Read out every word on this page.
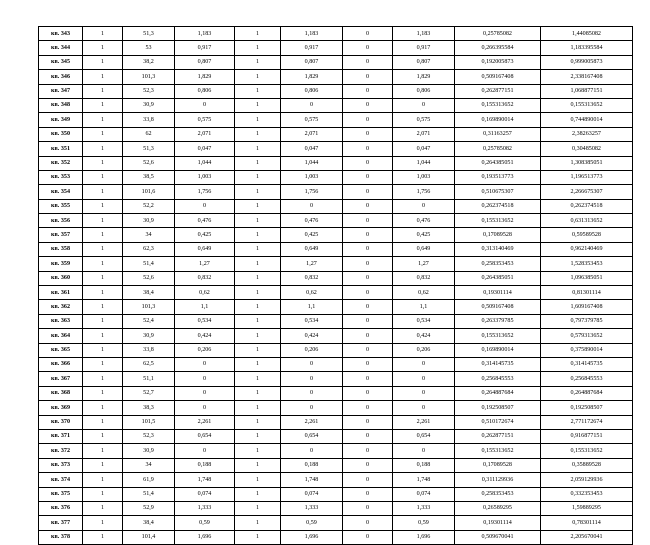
кв. 343	1	51,3	1,183	1	1,183	0	1,183	0,25785082	1,44085082
кв. 344	1	53	0,917	1	0,917	0	0,917	0,266395584	1,183395584
кв. 345	1	38,2	0,807	1	0,807	0	0,807	0,192005873	0,999005873
кв. 346	1	101,3	1,829	1	1,829	0	1,829	0,509167408	2,338167408
кв. 347	1	52,3	0,806	1	0,806	0	0,806	0,262877151	1,068877151
кв. 348	1	30,9	0	1	0	0	0	0,155313652	0,155313652
кв. 349	1	33,8	0,575	1	0,575	0	0,575	0,169890014	0,744890014
кв. 350	1	62	2,071	1	2,071	0	2,071	0,31163257	2,38263257
кв. 351	1	51,3	0,047	1	0,047	0	0,047	0,25785082	0,30485082
кв. 352	1	52,6	1,044	1	1,044	0	1,044	0,264385051	1,308385051
кв. 353	1	38,5	1,003	1	1,003	0	1,003	0,193513773	1,196513773
кв. 354	1	101,6	1,756	1	1,756	0	1,756	0,510675307	2,266675307
кв. 355	1	52,2	0	1	0	0	0	0,262374518	0,262374518
кв. 356	1	30,9	0,476	1	0,476	0	0,476	0,155313652	0,631313652
кв. 357	1	34	0,425	1	0,425	0	0,425	0,17089528	0,59589528
кв. 358	1	62,3	0,649	1	0,649	0	0,649	0,313140469	0,962140469
кв. 359	1	51,4	1,27	1	1,27	0	1,27	0,258353453	1,528353453
кв. 360	1	52,6	0,832	1	0,832	0	0,832	0,264385051	1,096385051
кв. 361	1	38,4	0,62	1	0,62	0	0,62	0,19301114	0,81301114
кв. 362	1	101,3	1,1	1	1,1	0	1,1	0,509167408	1,609167408
кв. 363	1	52,4	0,534	1	0,534	0	0,534	0,263379785	0,797379785
кв. 364	1	30,9	0,424	1	0,424	0	0,424	0,155313652	0,579313652
кв. 365	1	33,8	0,206	1	0,206	0	0,206	0,169890014	0,375890014
кв. 366	1	62,5	0	1	0	0	0	0,314145735	0,314145735
кв. 367	1	51,1	0	1	0	0	0	0,256845553	0,256845553
кв. 368	1	52,7	0	1	0	0	0	0,264887684	0,264887684
кв. 369	1	38,3	0	1	0	0	0	0,192508507	0,192508507
кв. 370	1	101,5	2,261	1	2,261	0	2,261	0,510172674	2,771172674
кв. 371	1	52,3	0,654	1	0,654	0	0,654	0,262877151	0,916877151
кв. 372	1	30,9	0	1	0	0	0	0,155313652	0,155313652
кв. 373	1	34	0,188	1	0,188	0	0,188	0,17089528	0,35889528
кв. 374	1	61,9	1,748	1	1,748	0	1,748	0,311129936	2,059129936
кв. 375	1	51,4	0,074	1	0,074	0	0,074	0,258353453	0,332353453
кв. 376	1	52,9	1,333	1	1,333	0	1,333	0,26589295	1,59889295
кв. 377	1	38,4	0,59	1	0,59	0	0,59	0,19301114	0,78301114
кв. 378	1	101,4	1,696	1	1,696	0	1,696	0,509670041	2,205670041
